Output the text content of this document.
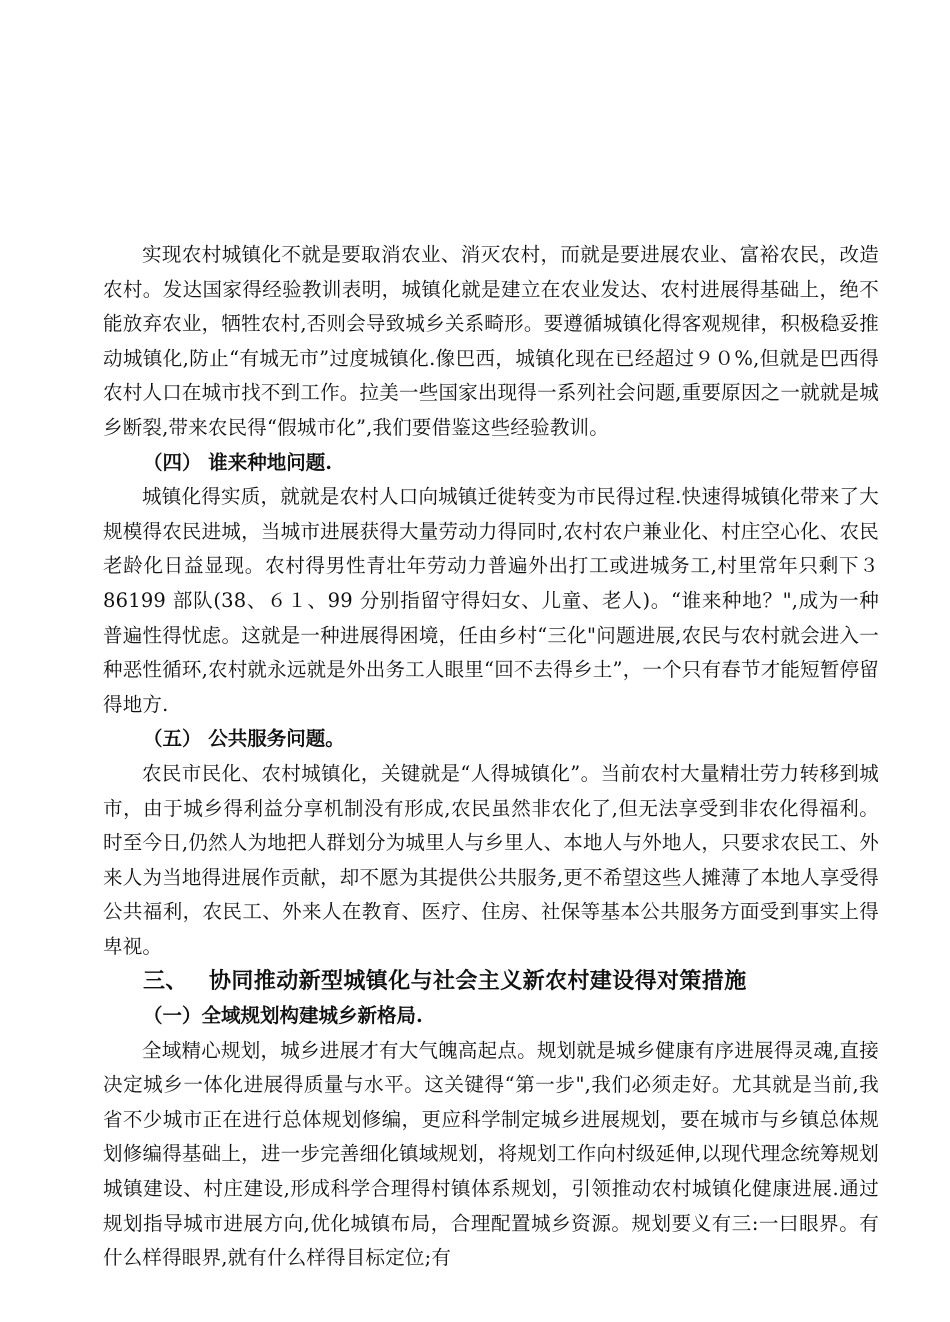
实现农村城镇化不就是要取消农业、消灭农村，而就是要进展农业、富裕农民，改造农村。发达国家得经验教训表明，城镇化就是建立在农业发达、农村进展得基础上，绝不能放弃农业，牺牲农村,否则会导致城乡关系畸形。要遵循城镇化得客观规律，积极稳妥推动城镇化,防止“有城无市”过度城镇化.像巴西，城镇化现在已经超过９０%,但就是巴西得农村人口在城市找不到工作。拉美一些国家出现得一系列社会问题,重要原因之一就就是城乡断裂,带来农民得“假城市化”,我们要借鉴这些经验教训。

（四） 谁来种地问题.

城镇化得实质，就就是农村人口向城镇迁徙转变为市民得过程.快速得城镇化带来了大规模得农民进城，当城市进展获得大量劳动力得同时,农村农户兼业化、村庄空心化、农民老龄化日益显现。农村得男性青壮年劳动力普遍外出打工或进城务工,村里常年只剩下３ 86199 部队(38、６１、99 分别指留守得妇女、儿童、老人)。“谁来种地？",成为一种普遍性得忧虑。这就是一种进展得困境，任由乡村“三化"问题进展,农民与农村就会进入一种恶性循环,农村就永远就是外出务工人眼里“回不去得乡土”，一个只有春节才能短暂停留得地方.

（五） 公共服务问题。

农民市民化、农村城镇化，关键就是“人得城镇化”。当前农村大量精壮劳力转移到城市，由于城乡得利益分享机制没有形成,农民虽然非农化了,但无法享受到非农化得福利。时至今日,仍然人为地把人群划分为城里人与乡里人、本地人与外地人，只要求农民工、外来人为当地得进展作贡献，却不愿为其提供公共服务,更不希望这些人摊薄了本地人享受得公共福利，农民工、外来人在教育、医疗、住房、社保等基本公共服务方面受到事实上得卑视。

三、 协同推动新型城镇化与社会主义新农村建设得对策措施

（一）全域规划构建城乡新格局.

全域精心规划，城乡进展才有大气魄高起点。规划就是城乡健康有序进展得灵魂,直接决定城乡一体化进展得质量与水平。这关键得“第一步",我们必须走好。尤其就是当前,我省不少城市正在进行总体规划修编，更应科学制定城乡进展规划，要在城市与乡镇总体规划修编得基础上，进一步完善细化镇域规划，将规划工作向村级延伸,以现代理念统筹规划城镇建设、村庄建设,形成科学合理得村镇体系规划，引领推动农村城镇化健康进展.通过规划指导城市进展方向,优化城镇布局，合理配置城乡资源。规划要义有三:一曰眼界。有什么样得眼界,就有什么样得目标定位;有
